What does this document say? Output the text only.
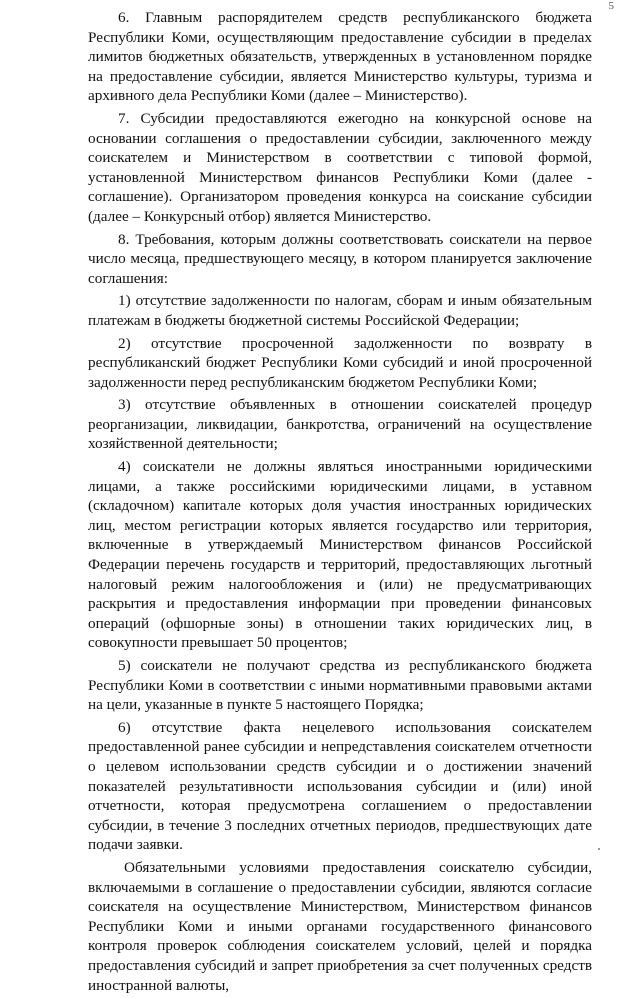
5

6. Главным распорядителем средств республиканского бюджета Республики Коми, осуществляющим предоставление субсидии в пределах лимитов бюджетных обязательств, утвержденных в установленном порядке на предоставление субсидии, является Министерство культуры, туризма и архивного дела Республики Коми (далее – Министерство).

7. Субсидии предоставляются ежегодно на конкурсной основе на основании соглашения о предоставлении субсидии, заключенного между соискателем и Министерством в соответствии с типовой формой, установленной Министерством финансов Республики Коми (далее - соглашение). Организатором проведения конкурса на соискание субсидии (далее – Конкурсный отбор) является Министерство.

8. Требования, которым должны соответствовать соискатели на первое число месяца, предшествующего месяцу, в котором планируется заключение соглашения:

1) отсутствие задолженности по налогам, сборам и иным обязательным платежам в бюджеты бюджетной системы Российской Федерации;

2) отсутствие просроченной задолженности по возврату в республиканский бюджет Республики Коми субсидий и иной просроченной задолженности перед республиканским бюджетом Республики Коми;

3) отсутствие объявленных в отношении соискателей процедур реорганизации, ликвидации, банкротства, ограничений на осуществление хозяйственной деятельности;

4) соискатели не должны являться иностранными юридическими лицами, а также российскими юридическими лицами, в уставном (складочном) капитале которых доля участия иностранных юридических лиц, местом регистрации которых является государство или территория, включенные в утверждаемый Министерством финансов Российской Федерации перечень государств и территорий, предоставляющих льготный налоговый режим налогообложения и (или) не предусматривающих раскрытия и предоставления информации при проведении финансовых операций (офшорные зоны) в отношении таких юридических лиц, в совокупности превышает 50 процентов;

5) соискатели не получают средства из республиканского бюджета Республики Коми в соответствии с иными нормативными правовыми актами на цели, указанные в пункте 5 настоящего Порядка;

6) отсутствие факта нецелевого использования соискателем предоставленной ранее субсидии и непредставления соискателем отчетности о целевом использовании средств субсидии и о достижении значений показателей результативности использования субсидии и (или) иной отчетности, которая предусмотрена соглашением о предоставлении субсидии, в течение 3 последних отчетных периодов, предшествующих дате подачи заявки.

Обязательными условиями предоставления соискателю субсидии, включаемыми в соглашение о предоставлении субсидии, являются согласие соискателя на осуществление Министерством, Министерством финансов Республики Коми и иными органами государственного финансового контроля проверок соблюдения соискателем условий, целей и порядка предоставления субсидий и запрет приобретения за счет полученных средств иностранной валюты,
